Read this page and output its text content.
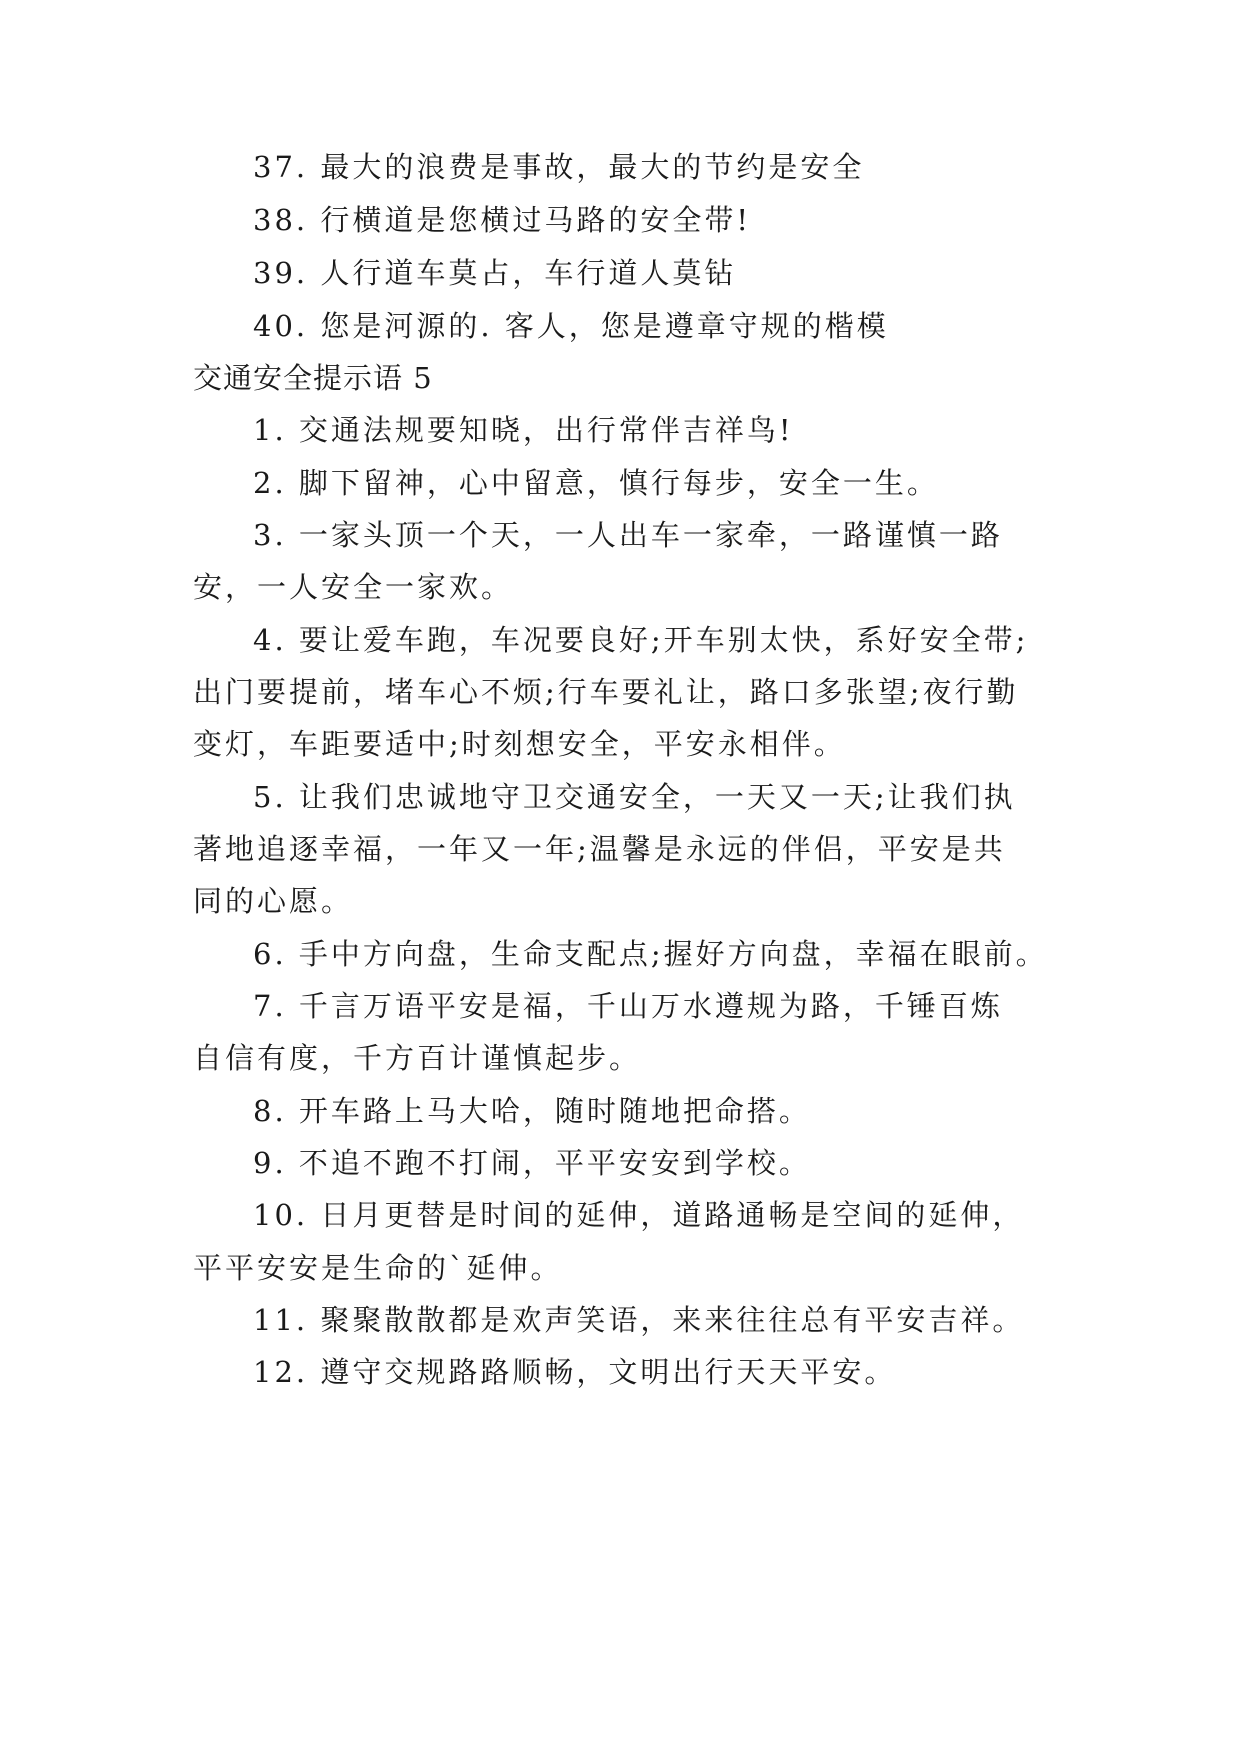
37. 最大的浪费是事故，最大的节约是安全
38. 行横道是您横过马路的安全带!
39. 人行道车莫占，车行道人莫钻
40. 您是河源的. 客人，您是遵章守规的楷模
交通安全提示语 5
1. 交通法规要知晓，出行常伴吉祥鸟!
2. 脚下留神，心中留意，慎行每步，安全一生。
3. 一家头顶一个天，一人出车一家牵，一路谨慎一路
安，一人安全一家欢。
4. 要让爱车跑，车况要良好;开车别太快，系好安全带;
出门要提前，堵车心不烦;行车要礼让，路口多张望;夜行勤
变灯，车距要适中;时刻想安全，平安永相伴。
5. 让我们忠诚地守卫交通安全，一天又一天;让我们执
著地追逐幸福，一年又一年;温馨是永远的伴侣，平安是共
同的心愿。
6. 手中方向盘，生命支配点;握好方向盘，幸福在眼前。
7. 千言万语平安是福，千山万水遵规为路，千锤百炼
自信有度，千方百计谨慎起步。
8. 开车路上马大哈，随时随地把命搭。
9. 不追不跑不打闹，平平安安到学校。
10. 日月更替是时间的延伸，道路通畅是空间的延伸，
平平安安是生命的`延伸。
11. 聚聚散散都是欢声笑语，来来往往总有平安吉祥。
12. 遵守交规路路顺畅，文明出行天天平安。
